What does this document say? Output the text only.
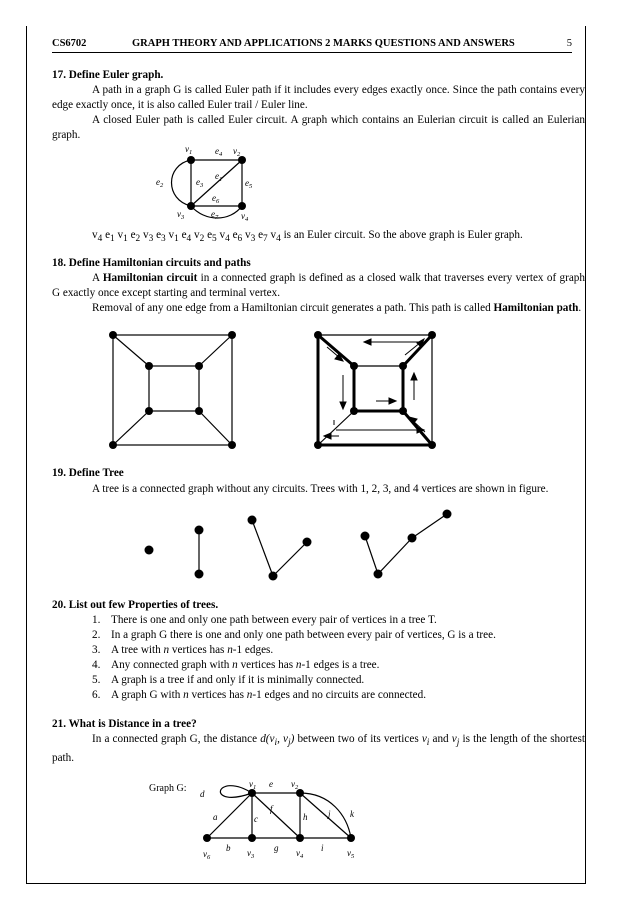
CS6702	GRAPH THEORY AND APPLICATIONS 2 MARKS QUESTIONS AND ANSWERS	5
17. Define Euler graph.
A path in a graph G is called Euler path if it includes every edges exactly once. Since the path contains every edge exactly once, it is also called Euler trail / Euler line.
A closed Euler path is called Euler circuit. A graph which contains an Eulerian circuit is called an Eulerian graph.
$v_1$	$v_2$
$v_3$	$v_4$
$e_4$
$e_1$
$e_3$
$e_2$	$e_5$
$e_6$
$e_7$
d
$v_1$ e $v_2$
a	c
f
h j k
b	g	i
$v_6$	$v_3$	$v_4$	$v_5$
$v_4$ $e_1$ $v_1$ $e_2$ $v_3$ $e_3$ $v_1$ $e_4$ $v_2$ $e_5$ $v_4$ $e_6$ $v_3$ $e_7$ $v_4$ is an Euler circuit. So the above graph is Euler graph.
18. Define Hamiltonian circuits and paths
A Hamiltonian circuit in a connected graph is defined as a closed walk that traverses every vertex of graph G exactly once except starting and terminal vertex.
Removal of any one edge from a Hamiltonian circuit generates a path. This path is called Hamiltonian path.
19. Define Tree
A tree is a connected graph without any circuits. Trees with 1, 2, 3, and 4 vertices are shown in figure.
20. List out few Properties of trees.
1. There is one and only one path between every pair of vertices in a tree T.
2. In a graph G there is one and only one path between every pair of vertices, G is a tree.
3. A tree with n vertices has n-1 edges.
4. Any connected graph with n vertices has n-1 edges is a tree.
5. A graph is a tree if and only if it is minimally connected.
6. A graph G with n vertices has n-1 edges and no circuits are connected.
21. What is Distance in a tree?
In a connected graph G, the distance $d(v_i$, $v_j$) between two of its vertices $v_i$ and $v_j$ is the length of the shortest path.
Graph G:
